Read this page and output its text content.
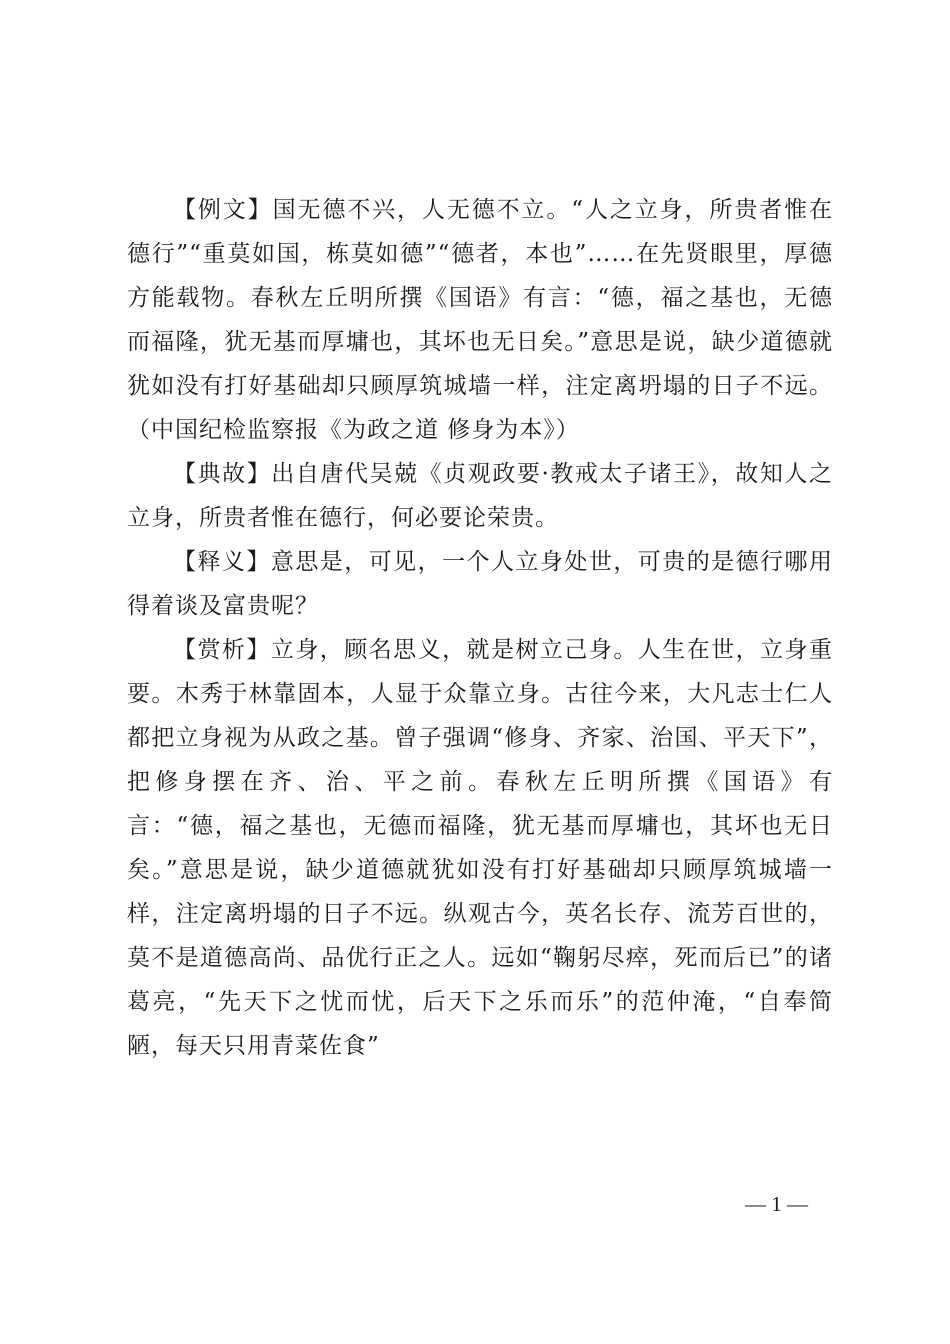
【例文】国无德不兴，人无德不立。“人之立身，所贵者惟在德行”“重莫如国，栋莫如德”“德者，本也”……在先贤眼里，厚德方能载物。春秋左丘明所撰《国语》有言：“德，福之基也，无德而福隆，犹无基而厚墉也，其坏也无日矣。”意思是说，缺少道德就犹如没有打好基础却只顾厚筑城墙一样，注定离坍塌的日子不远。（中国纪检监察报《为政之道 修身为本》）

【典故】出自唐代吴兢《贞观政要·教戒太子诸王》，故知人之立身，所贵者惟在德行，何必要论荣贵。

【释义】意思是，可见，一个人立身处世，可贵的是德行哪用得着谈及富贵呢？

【赏析】立身，顾名思义，就是树立己身。人生在世，立身重要。木秀于林靠固本，人显于众靠立身。古往今来，大凡志士仁人都把立身视为从政之基。曾子强调“修身、齐家、治国、平天下”，把修身摆在齐、治、平之前。春秋左丘明所撰《国语》有言：“德，福之基也，无德而福隆，犹无基而厚墉也，其坏也无日矣。”意思是说，缺少道德就犹如没有打好基础却只顾厚筑城墙一样，注定离坍塌的日子不远。纵观古今，英名长存、流芳百世的，莫不是道德高尚、品优行正之人。远如“鞠躬尽瘁，死而后已”的诸葛亮，“先天下之忧而忧，后天下之乐而乐”的范仲淹，“自奉简陋，每天只用青菜佐食”

— 1 —
